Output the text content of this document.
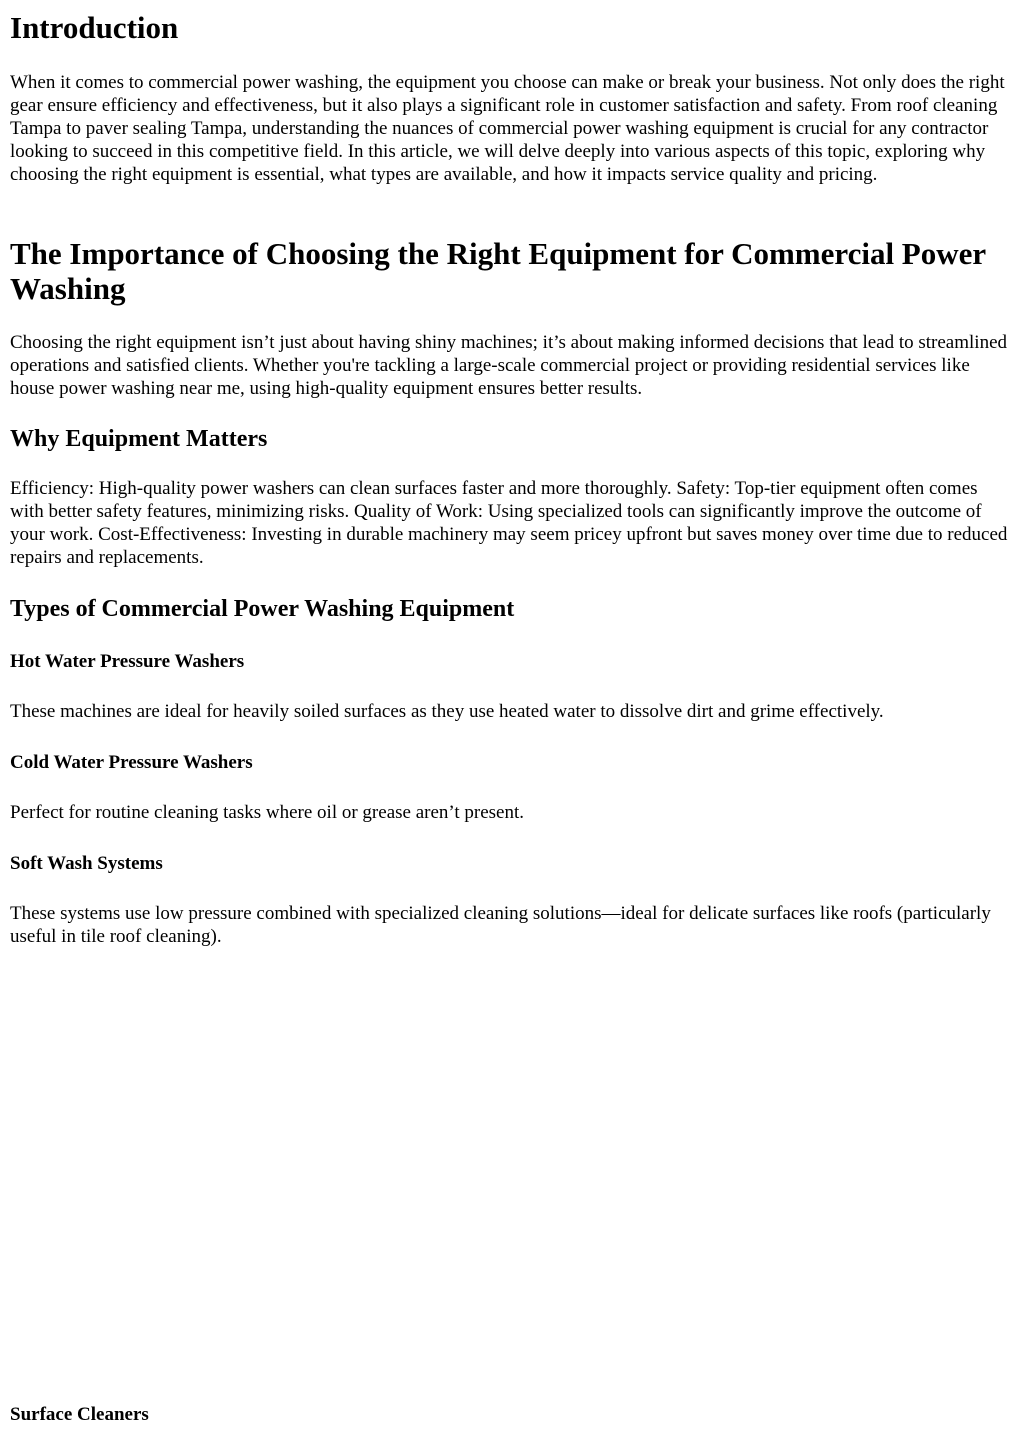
Introduction

When it comes to commercial power washing, the equipment you choose can make or break your business. Not only does the right gear ensure efficiency and effectiveness, but it also plays a significant role in customer satisfaction and safety. From roof cleaning Tampa to paver sealing Tampa, understanding the nuances of commercial power washing equipment is crucial for any contractor looking to succeed in this competitive field. In this article, we will delve deeply into various aspects of this topic, exploring why choosing the right equipment is essential, what types are available, and how it impacts service quality and pricing.

The Importance of Choosing the Right Equipment for Commercial Power Washing

Choosing the right equipment isn’t just about having shiny machines; it’s about making informed decisions that lead to streamlined operations and satisfied clients. Whether you're tackling a large-scale commercial project or providing residential services like house power washing near me, using high-quality equipment ensures better results.

Why Equipment Matters

Efficiency: High-quality power washers can clean surfaces faster and more thoroughly. Safety: Top-tier equipment often comes with better safety features, minimizing risks. Quality of Work: Using specialized tools can significantly improve the outcome of your work. Cost-Effectiveness: Investing in durable machinery may seem pricey upfront but saves money over time due to reduced repairs and replacements.

Types of Commercial Power Washing Equipment
Hot Water Pressure Washers

These machines are ideal for heavily soiled surfaces as they use heated water to dissolve dirt and grime effectively.

Cold Water Pressure Washers

Perfect for routine cleaning tasks where oil or grease aren’t present.

Soft Wash Systems

These systems use low pressure combined with specialized cleaning solutions—ideal for delicate surfaces like roofs (particularly useful in tile roof cleaning).

Surface Cleaners
